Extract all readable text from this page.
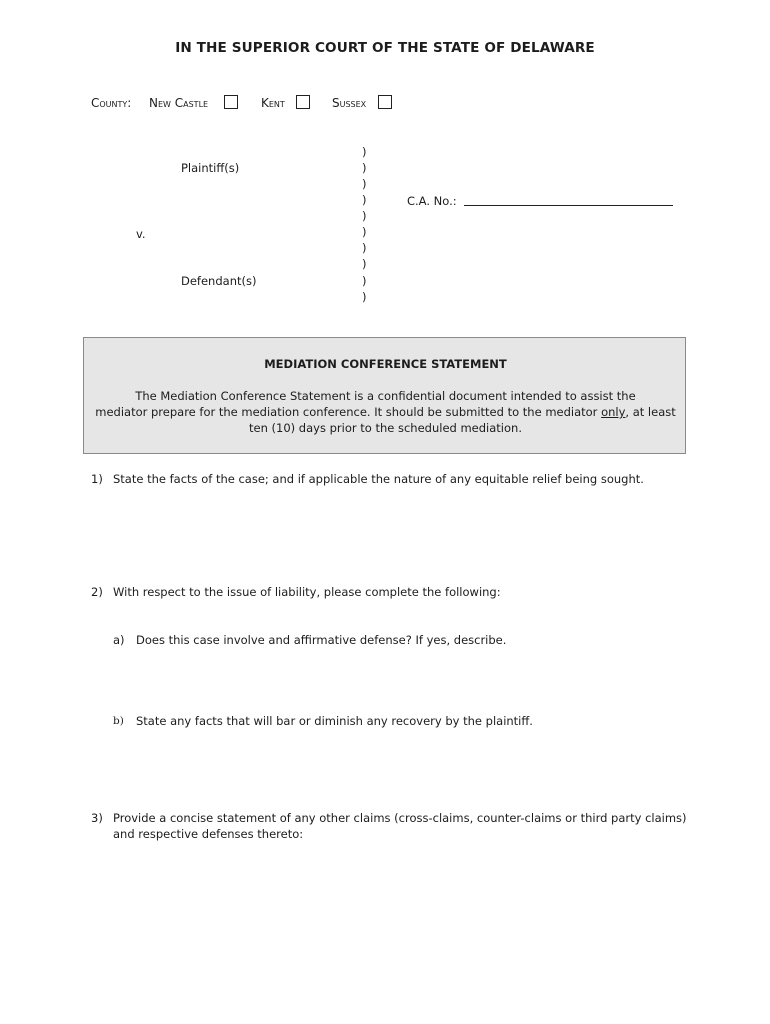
IN THE SUPERIOR COURT OF THE STATE OF DELAWARE
County: New Castle	Kent	Sussex
Plaintiff(s)
v.
Defendant(s)
)
)
)
)
)
)
)
)
)
)
C.A. No.:
MEDIATION CONFERENCE STATEMENT
The Mediation Conference Statement is a confidential document intended to assist the
mediator prepare for the mediation conference. It should be submitted to the mediator only, at least
ten (10) days prior to the scheduled mediation.
1) State the facts of the case; and if applicable the nature of any equitable relief being sought.
2) With respect to the issue of liability, please complete the following:
a) Does this case involve and affirmative defense? If yes, describe.
b) State any facts that will bar or diminish any recovery by the plaintiff.
3) Provide a concise statement of any other claims (cross-claims, counter-claims or third party claims)
and respective defenses thereto:
